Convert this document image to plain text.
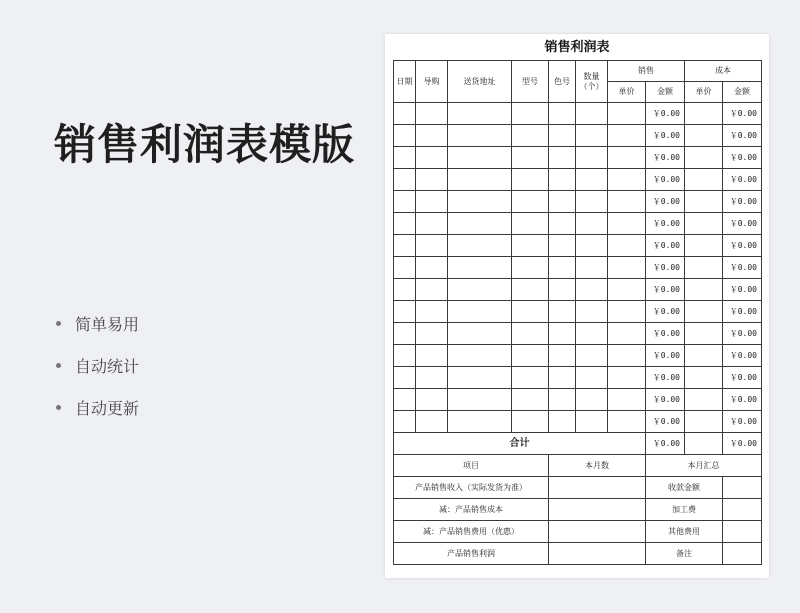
销售利润表模版
简单易用
自动统计
自动更新
销售利润表
日期	导购	送货地址	型号	色号	数量（个）	销售		成本	
						单价	金额	单价	金额
							￥0.00		￥0.00
							￥0.00		￥0.00
							￥0.00		￥0.00
							￥0.00		￥0.00
							￥0.00		￥0.00
							￥0.00		￥0.00
							￥0.00		￥0.00
							￥0.00		￥0.00
							￥0.00		￥0.00
							￥0.00		￥0.00
							￥0.00		￥0.00
							￥0.00		￥0.00
							￥0.00		￥0.00
							￥0.00		￥0.00
							￥0.00		￥0.00
合计							￥0.00		￥0.00
项目				本月数			本月汇总		
产品销售收入（实际发货为准）							收款金额		
减：产品销售成本							加工费		
减：产品销售费用（优惠）							其他费用		
产品销售利润							备注		
